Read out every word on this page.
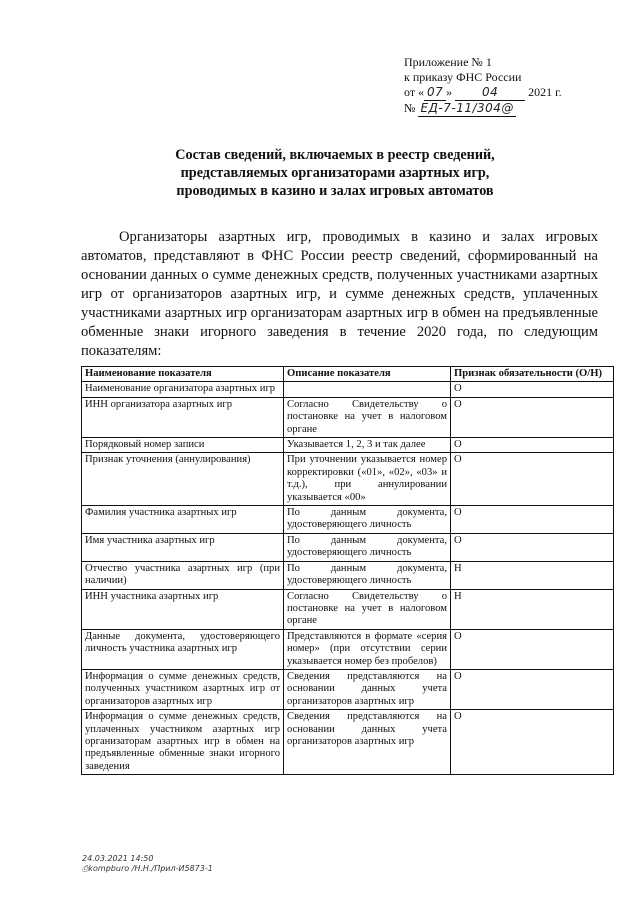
Приложение № 1
к приказу ФНС России
от « 07 » 04 2021 г.
№ ЕД-7-11/304@
Состав сведений, включаемых в реестр сведений,
представляемых организаторами азартных игр,
проводимых в казино и залах игровых автоматов

Организаторы азартных игр, проводимых в казино и залах игровых автоматов, представляют в ФНС России реестр сведений, сформированный на основании данных о сумме денежных средств, полученных участниками азартных игр от организаторов азартных игр, и сумме денежных средств, уплаченных участниками азартных игр организаторам азартных игр в обмен на предъявленные обменные знаки игорного заведения в течение 2020 года, по следующим показателям:

Наименование показателя	Описание показателя	Признак обязательности (О/Н)
Наименование организатора азартных игр		О
ИНН организатора азартных игр	Согласно Свидетельству о постановке на учет в налоговом органе	О
Порядковый номер записи	Указывается 1, 2, 3 и так далее	О
Признак уточнения (аннулирования)	При уточнении указывается номер корректировки («01», «02», «03» и т.д.), при аннулировании указывается «00»	О
Фамилия участника азартных игр	По данным документа, удостоверяющего личность	О
Имя участника азартных игр	По данным документа, удостоверяющего личность	О
Отчество участника азартных игр (при наличии)	По данным документа, удостоверяющего личность	Н
ИНН участника азартных игр	Согласно Свидетельству о постановке на учет в налоговом органе	Н
Данные документа, удостоверяющего личность участника азартных игр	Представляются в формате «серия номер» (при отсутствии серии указывается номер без пробелов)	О
Информация о сумме денежных средств, полученных участником азартных игр от организаторов азартных игр	Сведения представляются на основании данных учета организаторов азартных игр	О
Информация о сумме денежных средств, уплаченных участником азартных игр организаторам азартных игр в обмен на предъявленные обменные знаки игорного заведения	Сведения представляются на основании данных учета организаторов азартных игр	О
24.03.2021 14:50
⎙kompburo /Н.Н./Прил-И5873-1
